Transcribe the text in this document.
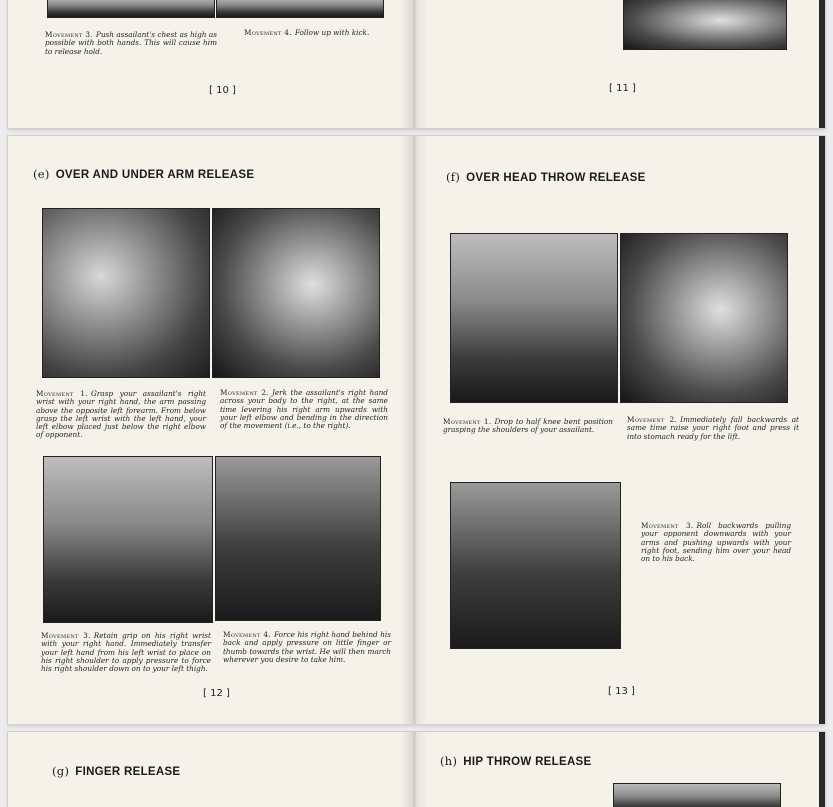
Movement 3. Push assailant's chest as high as possible with both hands. This will cause him to release hold.
Movement 4. Follow up with kick.
[ 10 ]	[ 11 ]
(e) OVER AND UNDER ARM RELEASE
Movement 1. Grasp your assailant's right wrist with your right hand, the arm passing above the opposite left forearm. From below grasp the left wrist with the left hand, your left elbow placed just below the right elbow of opponent.
Movement 2. Jerk the assailant's right hand across your body to the right, at the same time levering his right arm upwards with your left elbow and bending in the direction of the movement (i.e., to the right).
Movement 3. Retain grip on his right wrist with your right hand. Immediately transfer your left hand from his left wrist to place on his right shoulder to apply pressure to force his right shoulder down on to your left thigh.
Movement 4. Force his right hand behind his back and apply pressure on little finger or thumb towards the wrist. He will then march wherever you desire to take him.
[ 12 ]
(f) OVER HEAD THROW RELEASE
Movement 1. Drop to half knee bent position grasping the shoulders of your assailant.
Movement 2. Immediately fall backwards at same time raise your right foot and press it into stomach ready for the lift.
Movement 3. Roll backwards pulling your opponent downwards with your arms and pushing upwards with your right foot, sending him over your head on to his back.
[ 13 ]
(g) FINGER RELEASE
(h) HIP THROW RELEASE
